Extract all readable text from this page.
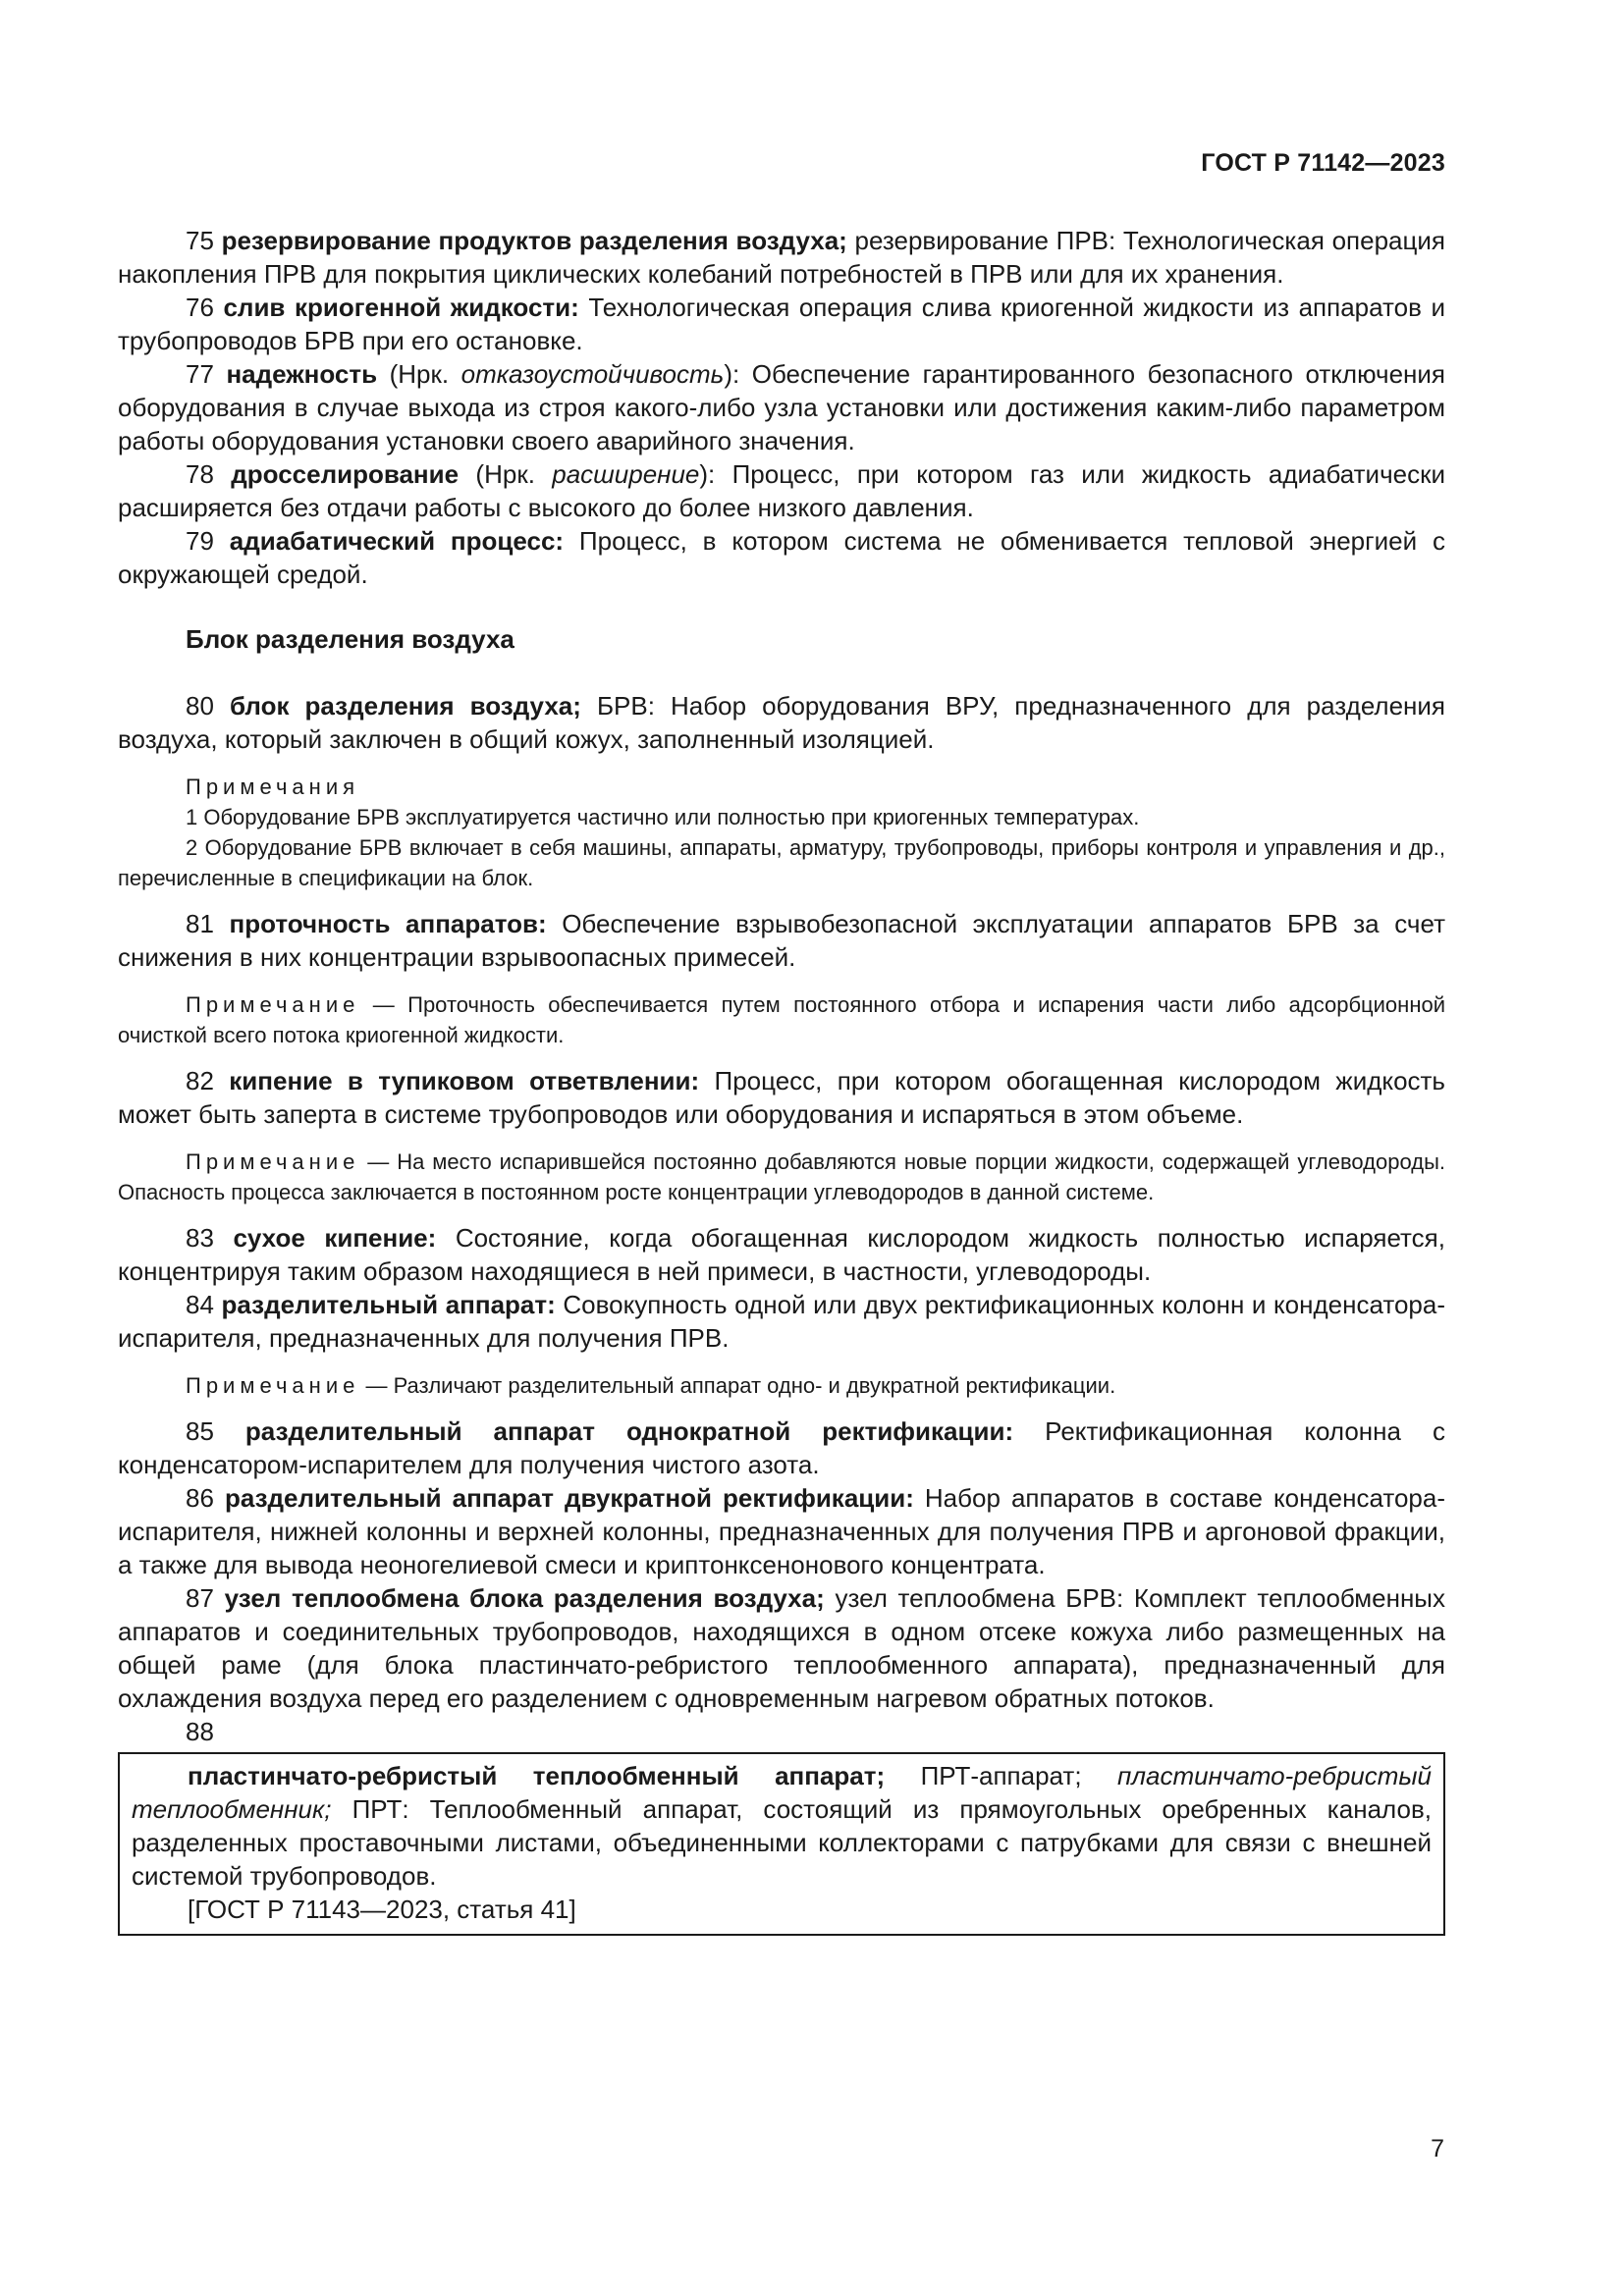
ГОСТ Р 71142—2023

75 резервирование продуктов разделения воздуха; резервирование ПРВ: Технологическая операция накопления ПРВ для покрытия циклических колебаний потребностей в ПРВ или для их хранения.

76 слив криогенной жидкости: Технологическая операция слива криогенной жидкости из аппаратов и трубопроводов БРВ при его остановке.

77 надежность (Нрк. отказоустойчивость): Обеспечение гарантированного безопасного отключения оборудования в случае выхода из строя какого-либо узла установки или достижения каким-либо параметром работы оборудования установки своего аварийного значения.

78 дросселирование (Нрк. расширение): Процесс, при котором газ или жидкость адиабатически расширяется без отдачи работы с высокого до более низкого давления.

79 адиабатический процесс: Процесс, в котором система не обменивается тепловой энергией с окружающей средой.

Блок разделения воздуха

80 блок разделения воздуха; БРВ: Набор оборудования ВРУ, предназначенного для разделения воздуха, который заключен в общий кожух, заполненный изоляцией.

Примечания

1 Оборудование БРВ эксплуатируется частично или полностью при криогенных температурах.

2 Оборудование БРВ включает в себя машины, аппараты, арматуру, трубопроводы, приборы контроля и управления и др., перечисленные в спецификации на блок.

81 проточность аппаратов: Обеспечение взрывобезопасной эксплуатации аппаратов БРВ за счет снижения в них концентрации взрывоопасных примесей.

Примечание — Проточность обеспечивается путем постоянного отбора и испарения части либо адсорбционной очисткой всего потока криогенной жидкости.

82 кипение в тупиковом ответвлении: Процесс, при котором обогащенная кислородом жидкость может быть заперта в системе трубопроводов или оборудования и испаряться в этом объеме.

Примечание — На место испарившейся постоянно добавляются новые порции жидкости, содержащей углеводороды. Опасность процесса заключается в постоянном росте концентрации углеводородов в данной системе.

83 сухое кипение: Состояние, когда обогащенная кислородом жидкость полностью испаряется, концентрируя таким образом находящиеся в ней примеси, в частности, углеводороды.

84 разделительный аппарат: Совокупность одной или двух ректификационных колонн и конденсатора-испарителя, предназначенных для получения ПРВ.

Примечание — Различают разделительный аппарат одно- и двукратной ректификации.

85 разделительный аппарат однократной ректификации: Ректификационная колонна с конденсатором-испарителем для получения чистого азота.

86 разделительный аппарат двукратной ректификации: Набор аппаратов в составе конденсатора-испарителя, нижней колонны и верхней колонны, предназначенных для получения ПРВ и аргоновой фракции, а также для вывода неоногелиевой смеси и криптонксенонового концентрата.

87 узел теплообмена блока разделения воздуха; узел теплообмена БРВ: Комплект теплообменных аппаратов и соединительных трубопроводов, находящихся в одном отсеке кожуха либо размещенных на общей раме (для блока пластинчато-ребристого теплообменного аппарата), предназначенный для охлаждения воздуха перед его разделением с одновременным нагревом обратных потоков.

88

пластинчато-ребристый теплообменный аппарат; ПРТ-аппарат; пластинчато-ребристый теплообменник; ПРТ: Теплообменный аппарат, состоящий из прямоугольных оребренных каналов, разделенных проставочными листами, объединенными коллекторами с патрубками для связи с внешней системой трубопроводов.

[ГОСТ Р 71143—2023, статья 41]

7
